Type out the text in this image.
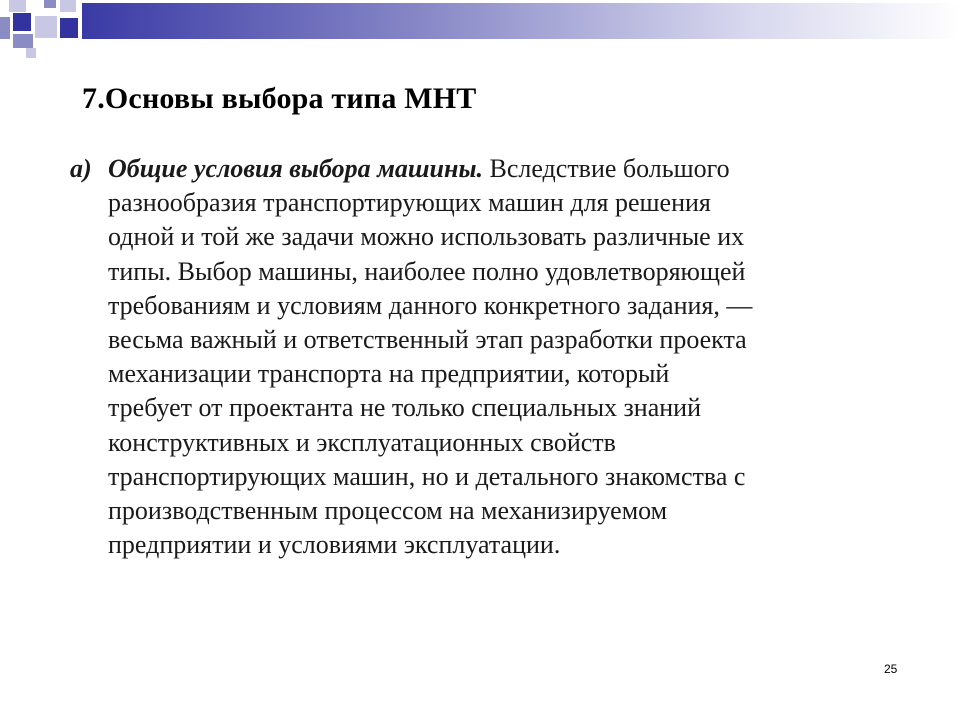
7.Основы выбора типа МНТ
а) Общие условия выбора машины. Вследствие большого
разнообразия транспортирующих машин для решения
одной и той же задачи можно использовать различные их
типы. Выбор машины, наиболее полно удовлетворяющей
требованиям и условиям данного конкретного задания, —
весьма важный и ответственный этап разработки проекта
механизации транспорта на предприятии, который
требует от проектанта не только специальных знаний
конструктивных и эксплуатационных свойств
транспортирующих машин, но и детального знакомства с
производственным процессом на механизируемом
предприятии и условиями эксплуатации.
25
